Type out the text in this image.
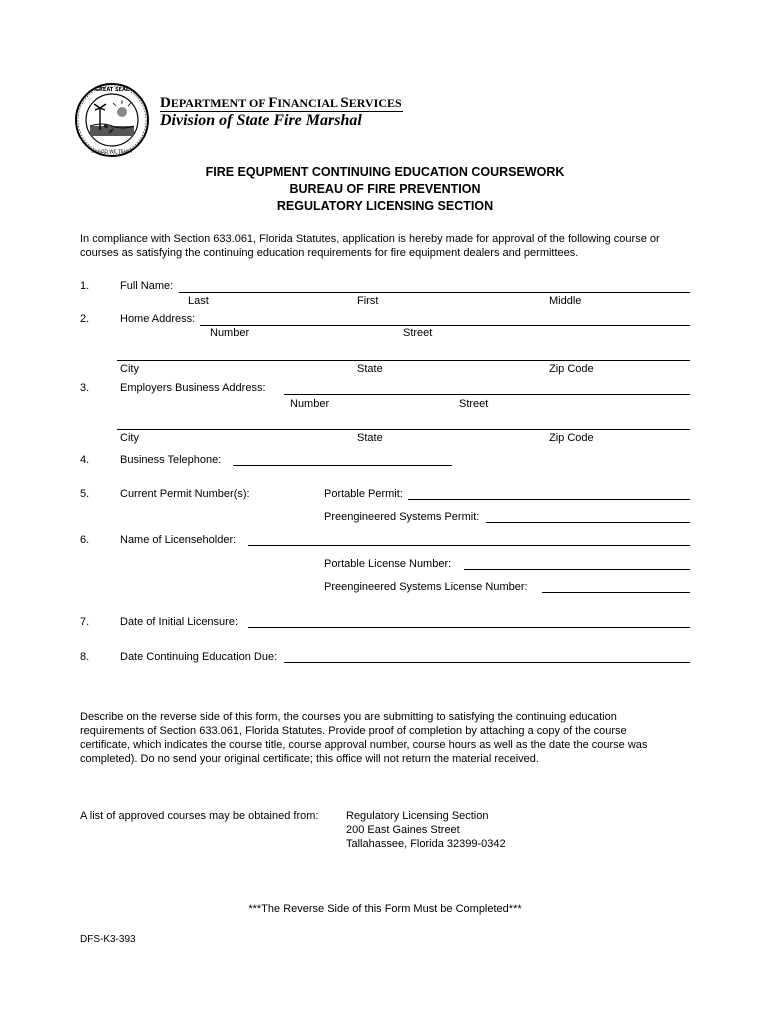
GREAT SEAL
IN GOD WE TRUST
DEPARTMENT OF FINANCIAL SERVICES
Division of State Fire Marshal
FIRE EQUPMENT CONTINUING EDUCATION COURSEWORK
BUREAU OF FIRE PREVENTION
REGULATORY LICENSING SECTION
In compliance with Section 633.061, Florida Statutes, application is hereby made for approval of the following course or
courses as satisfying the continuing education requirements for fire equipment dealers and permittees.
1.	Full Name:
Last	First	Middle
2.	Home Address:
Number	Street
City	State	Zip Code
3.	Employers Business Address:
Number	Street
City	State	Zip Code
4.	Business Telephone:
5.	Current Permit Number(s):	Portable Permit:
Preengineered Systems Permit:
6.	Name of Licenseholder:
Portable License Number:
Preengineered Systems License Number:
7.	Date of Initial Licensure:
8.	Date Continuing Education Due:
Describe on the reverse side of this form, the courses you are submitting to satisfying the continuing education
requirements of Section 633.061, Florida Statutes. Provide proof of completion by attaching a copy of the course
certificate, which indicates the course title, course approval number, course hours as well as the date the course was
completed). Do no send your original certificate; this office will not return the material received.
A list of approved courses may be obtained from:	Regulatory Licensing Section
200 East Gaines Street
Tallahassee, Florida 32399-0342
***The Reverse Side of this Form Must be Completed***
DFS-K3-393
